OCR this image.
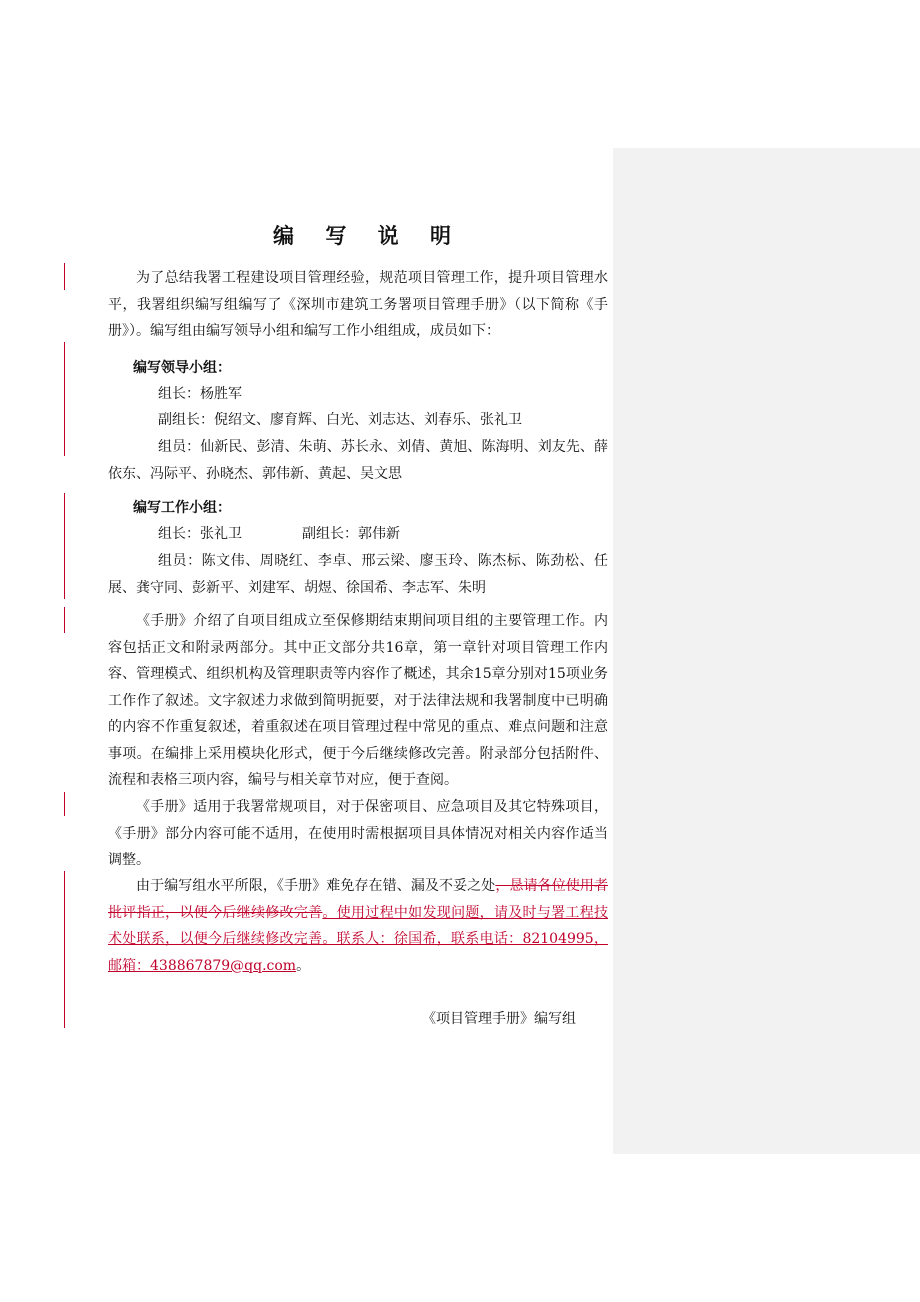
编 写 说 明

为了总结我署工程建设项目管理经验，规范项目管理工作，提升项目管理水平，我署组织编写组编写了《深圳市建筑工务署项目管理手册》（以下简称《手册》）。编写组由编写领导小组和编写工作小组组成，成员如下：

编写领导小组：

组长：杨胜军

副组长：倪绍文、廖育辉、白光、刘志达、刘春乐、张礼卫

组员：仙新民、彭清、朱萌、苏长永、刘倩、黄旭、陈海明、刘友先、薛依东、冯际平、孙晓杰、郭伟新、黄起、吴文思

编写工作小组：

组长：张礼卫	副组长：郭伟新

组员：陈文伟、周晓红、李卓、邢云梁、廖玉玲、陈杰标、陈劲松、任展、龚守同、彭新平、刘建军、胡煜、徐国希、李志军、朱明

《手册》介绍了自项目组成立至保修期结束期间项目组的主要管理工作。内容包括正文和附录两部分。其中正文部分共16章，第一章针对项目管理工作内容、管理模式、组织机构及管理职责等内容作了概述，其余15章分别对15项业务工作作了叙述。文字叙述力求做到简明扼要，对于法律法规和我署制度中已明确的内容不作重复叙述，着重叙述在项目管理过程中常见的重点、难点问题和注意事项。在编排上采用模块化形式，便于今后继续修改完善。附录部分包括附件、流程和表格三项内容，编号与相关章节对应，便于查阅。

《手册》适用于我署常规项目，对于保密项目、应急项目及其它特殊项目，《手册》部分内容可能不适用，在使用时需根据项目具体情况对相关内容作适当调整。

由于编写组水平所限，《手册》难免存在错、漏及不妥之处，恳请各位使用者批评指正，以便今后继续修改完善。使用过程中如发现问题，请及时与署工程技术处联系，以便今后继续修改完善。联系人：徐国希，联系电话：82104995，邮箱：438867879@qq.com。

《项目管理手册》编写组
